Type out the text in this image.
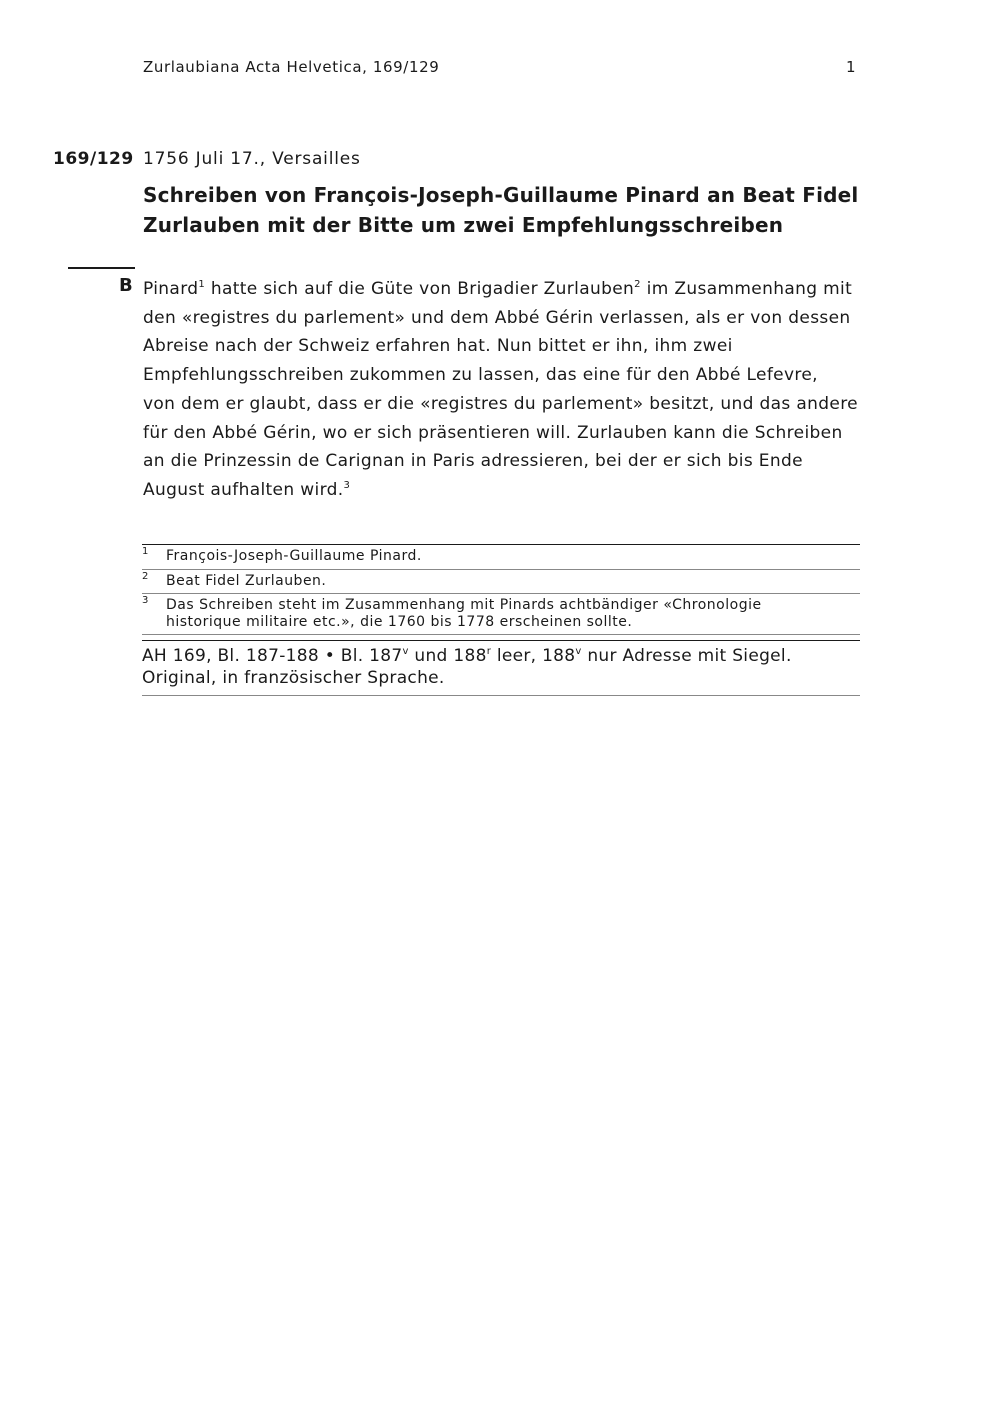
Zurlaubiana Acta Helvetica, 169/129	1
169/129 1756 Juli 17., Versailles
Schreiben von François-Joseph-Guillaume Pinard an Beat Fidel
Zurlauben mit der Bitte um zwei Empfehlungsschreiben
B Pinard$^1$ hatte sich auf die Güte von Brigadier Zurlauben$^2$ im Zusammenhang mit
den «registres du parlement» und dem Abbé Gérin verlassen, als er von dessen
Abreise nach der Schweiz erfahren hat. Nun bittet er ihn, ihm zwei
Empfehlungsschreiben zukommen zu lassen, das eine für den Abbé Lefevre,
von dem er glaubt, dass er die «registres du parlement» besitzt, und das andere
für den Abbé Gérin, wo er sich präsentieren will. Zurlauben kann die Schreiben
an die Prinzessin de Carignan in Paris adressieren, bei der er sich bis Ende
August aufhalten wird.$^3$
1 François-Joseph-Guillaume Pinard.
2 Beat Fidel Zurlauben.
3 Das Schreiben steht im Zusammenhang mit Pinards achtbändiger «Chronologie
historique militaire etc.», die 1760 bis 1778 erscheinen sollte.
AH 169, Bl. 187-188 • Bl. 187$^v$ und 188$^r$ leer, 188$^v$ nur Adresse mit Siegel.
Original, in französischer Sprache.
